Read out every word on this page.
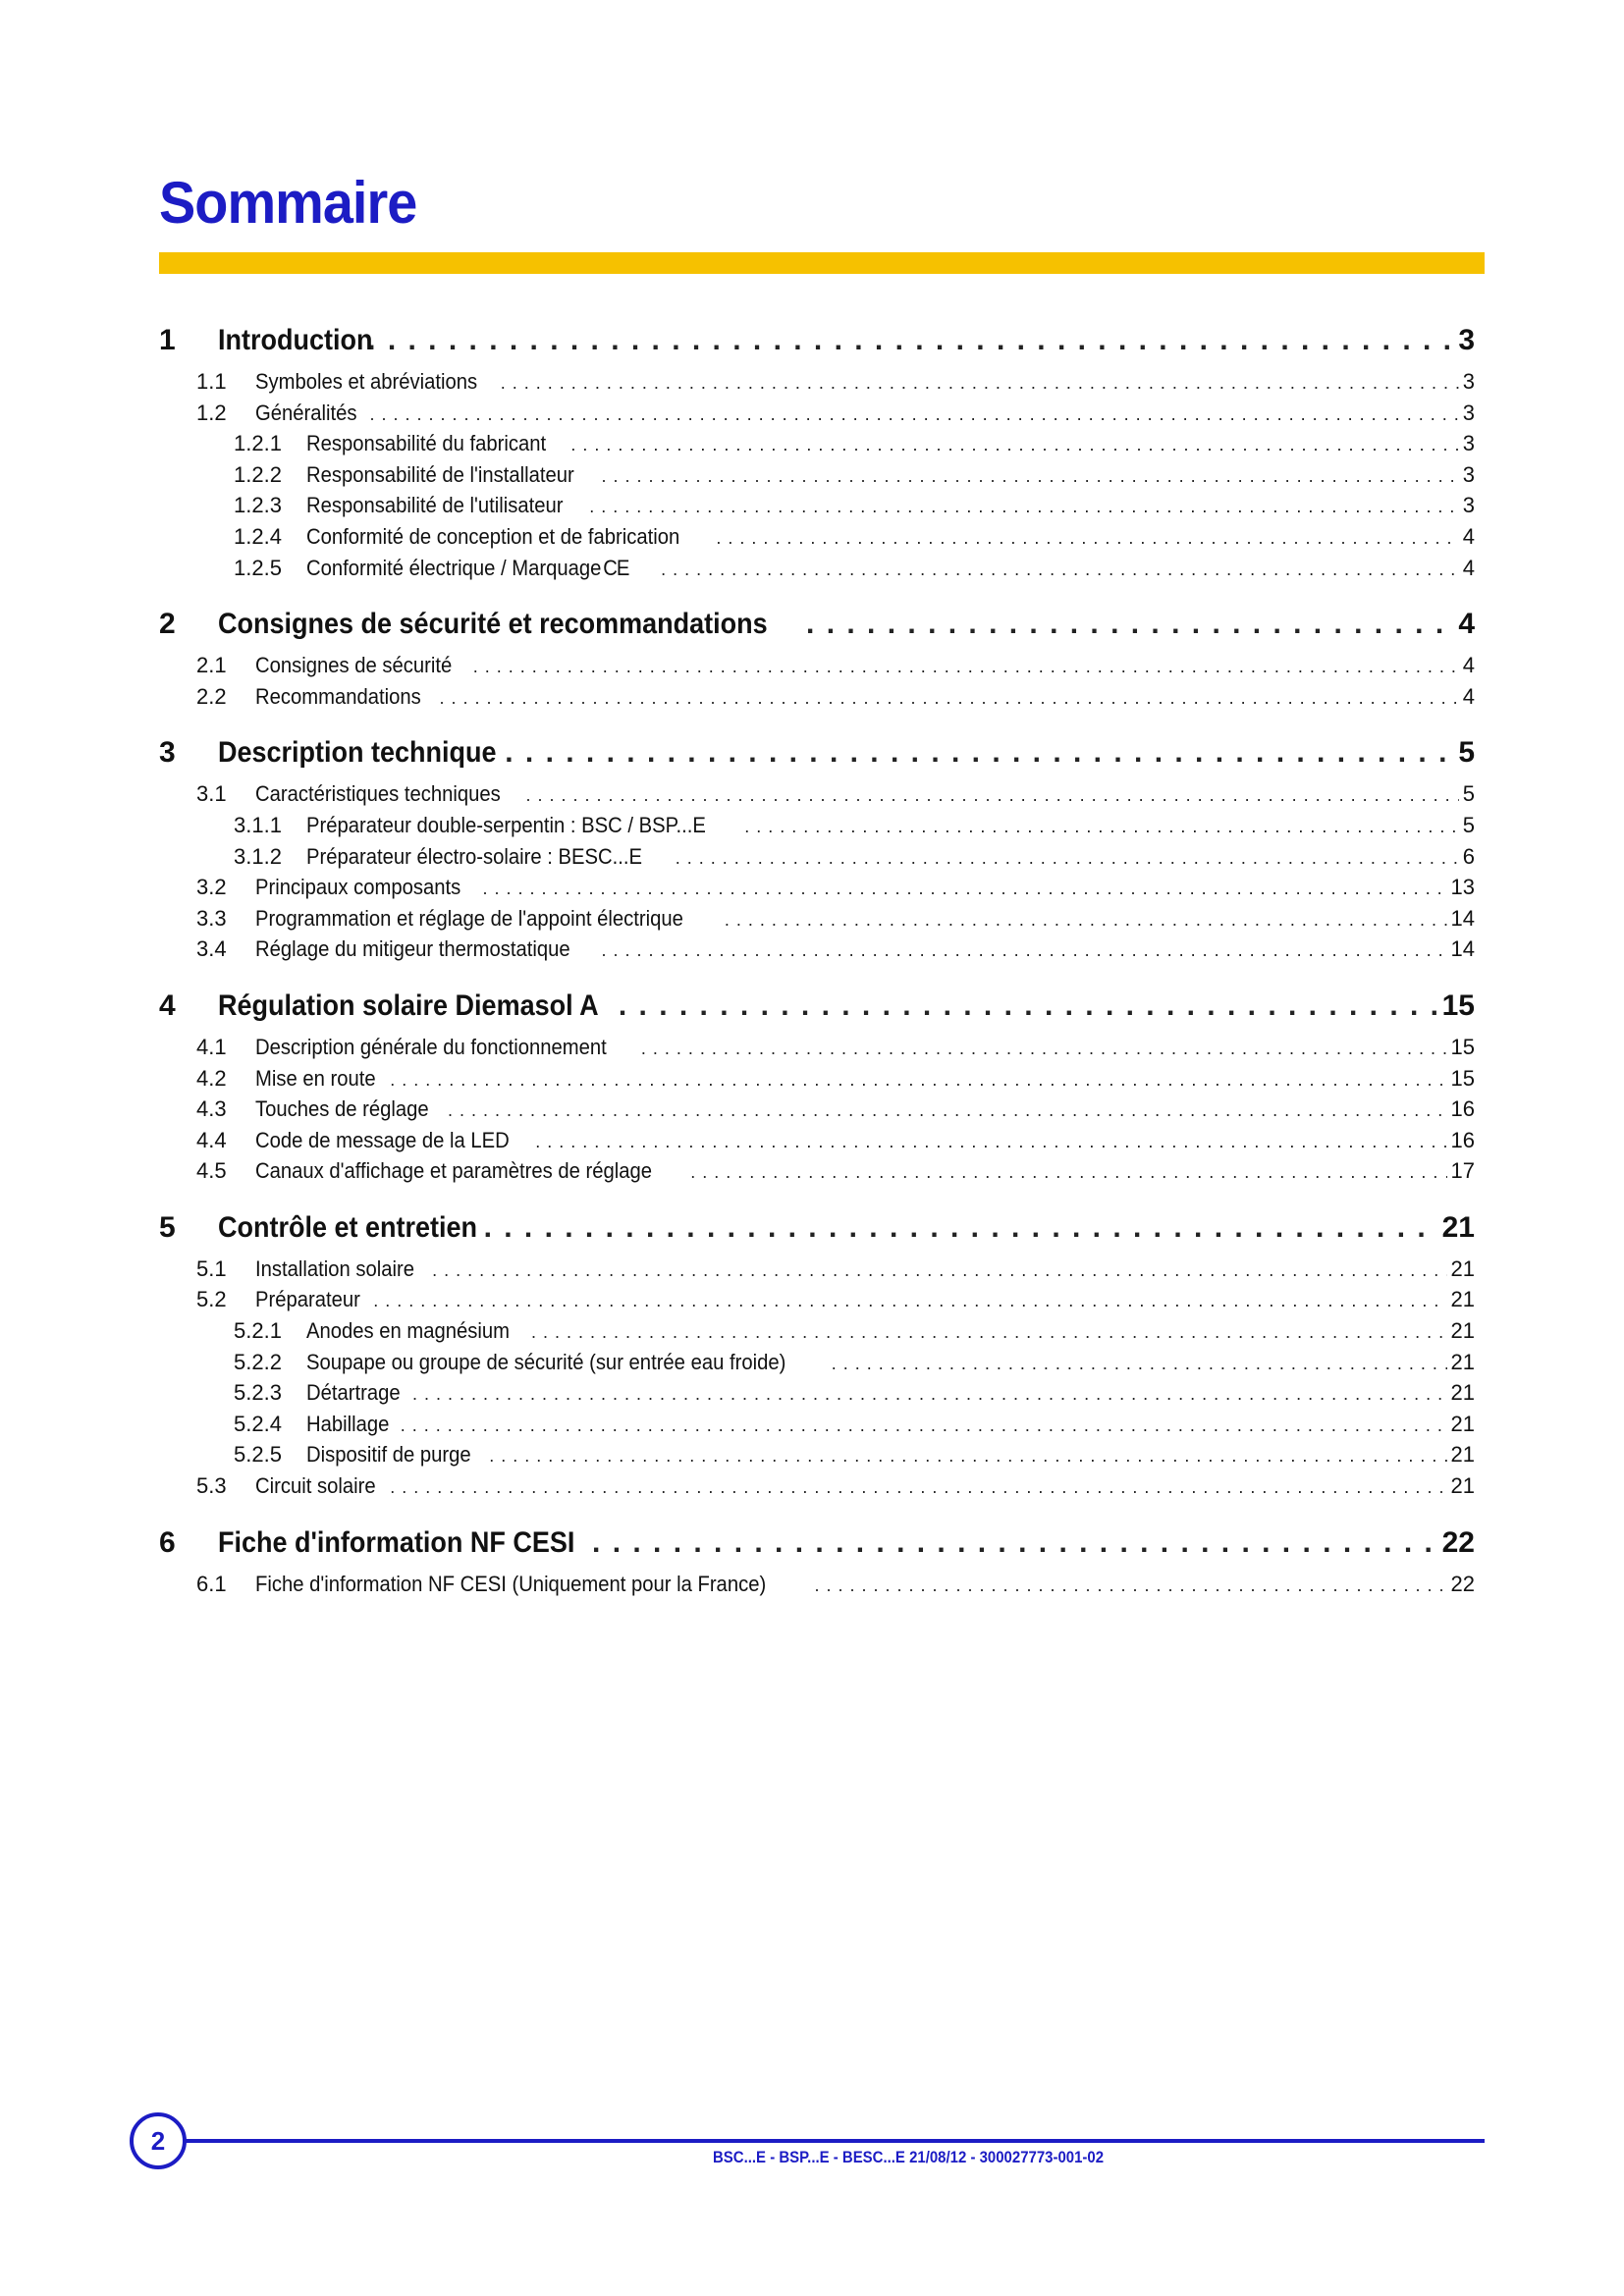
Sommaire
1	Introduction . . .	3
1.1	Symboles et abréviations . . .	3
1.2	Généralités . . .	3
1.2.1	Responsabilité du fabricant . . .	3
1.2.2	Responsabilité de l'installateur . . .	3
1.2.3	Responsabilité de l'utilisateur . . .	3
1.2.4	Conformité de conception et de fabrication . . .	4
1.2.5	Conformité électrique / MarquageCE . . .	4
2	Consignes de sécurité et recommandations . . .	4
2.1	Consignes de sécurité . . .	4
2.2	Recommandations . . .	4
3	Description technique . . .	5
3.1	Caractéristiques techniques . . .	5
3.1.1	Préparateur double-serpentin : BSC / BSP...E . . .	5
3.1.2	Préparateur électro-solaire : BESC...E . . .	6
3.2	Principaux composants . . .	13
3.3	Programmation et réglage de l'appoint électrique . . .	14
3.4	Réglage du mitigeur thermostatique . . .	14
4	Régulation solaire Diemasol A . . .	15
4.1	Description générale du fonctionnement . . .	15
4.2	Mise en route . . .	15
4.3	Touches de réglage . . .	16
4.4	Code de message de la LED . . .	16
4.5	Canaux d'affichage et paramètres de réglage . . .	17
5	Contrôle et entretien . . .	21
5.1	Installation solaire . . .	21
5.2	Préparateur . . .	21
5.2.1	Anodes en magnésium . . .	21
5.2.2	Soupape ou groupe de sécurité (sur entrée eau froide) . . .	21
5.2.3	Détartrage . . .	21
5.2.4	Habillage . . .	21
5.2.5	Dispositif de purge . . .	21
5.3	Circuit solaire . . .	21
6	Fiche d'information NF CESI . . .	22
6.1	Fiche d'information NF CESI (Uniquement pour la France) . . .	22
2
BSC...E - BSP...E - BESC...E 21/08/12 - 300027773-001-02
